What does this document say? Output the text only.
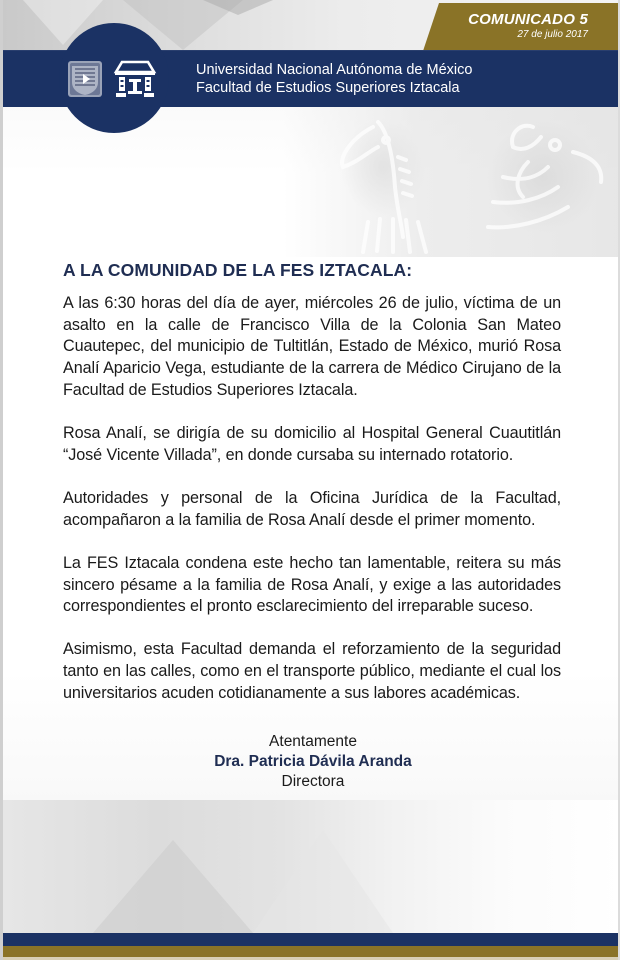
COMUNICADO 5
27 de julio 2017
Universidad Nacional Autónoma de México
Facultad de Estudios Superiores Iztacala
A LA COMUNIDAD DE LA FES IZTACALA:

A las 6:30 horas del día de ayer, miércoles 26 de julio, víctima de un asalto en la calle de Francisco Villa de la Colonia San Mateo Cuautepec, del municipio de Tultitlán, Estado de México, murió Rosa Analí Aparicio Vega, estudiante de la carrera de Médico Cirujano de la Facultad de Estudios Superiores Iztacala.

Rosa Analí, se dirigía de su domicilio al Hospital General Cuautitlán “José Vicente Villada”, en donde cursaba su internado rotatorio.

Autoridades y personal de la Oficina Jurídica de la Facultad, acompañaron a la familia de Rosa Analí desde el primer momento.

La FES Iztacala condena este hecho tan lamentable, reitera su más sincero pésame a la familia de Rosa Analí, y exige a las autoridades correspondientes el pronto esclarecimiento del irreparable suceso.

Asimismo, esta Facultad demanda el reforzamiento de la seguridad tanto en las calles, como en el transporte público, mediante el cual los universitarios acuden cotidianamente a sus labores académicas.

Atentamente
Dra. Patricia Dávila Aranda
Directora
